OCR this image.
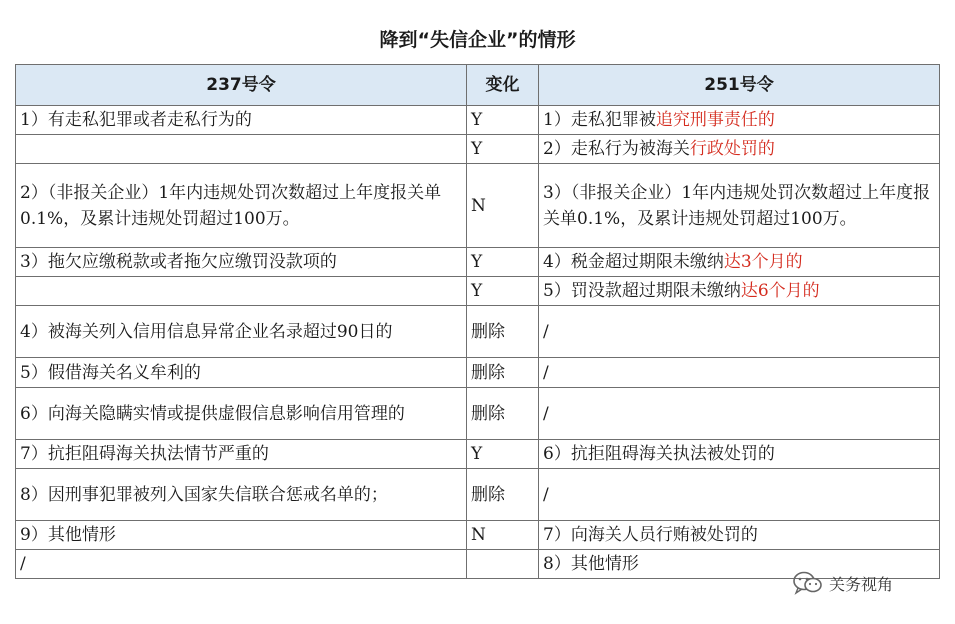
降到“失信企业”的情形
237号令	变化	251号令
1）有走私犯罪或者走私行为的	Y	1）走私犯罪被追究刑事责任的
	Y	2）走私行为被海关行政处罚的
2）（非报关企业）1年内违规处罚次数超过上年度报关单0.1%，及累计违规处罚超过100万。	N	3）（非报关企业）1年内违规处罚次数超过上年度报关单0.1%，及累计违规处罚超过100万。
3）拖欠应缴税款或者拖欠应缴罚没款项的	Y	4）税金超过期限未缴纳达3个月的
	Y	5）罚没款超过期限未缴纳达6个月的
4）被海关列入信用信息异常企业名录超过90日的	删除	/
5）假借海关名义牟利的	删除	/
6）向海关隐瞒实情或提供虚假信息影响信用管理的	删除	/
7）抗拒阻碍海关执法情节严重的	Y	6）抗拒阻碍海关执法被处罚的
8）因刑事犯罪被列入国家失信联合惩戒名单的；	删除	/
9）其他情形	N	7）向海关人员行贿被处罚的
/		8）其他情形
关务视角
